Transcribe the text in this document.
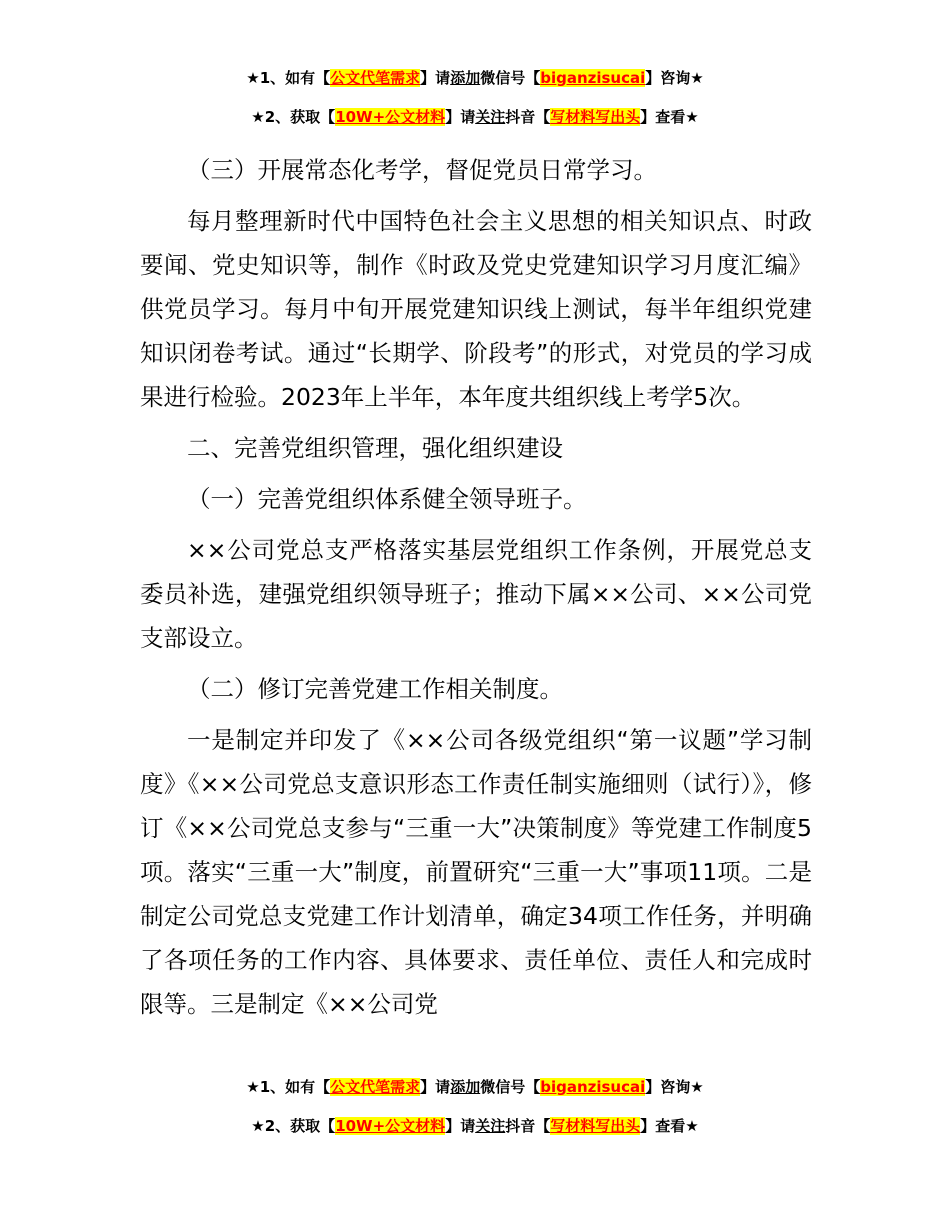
★1、如有【公文代笔需求】请添加微信号【biganzisucai】咨询★
★2、获取【10W+公文材料】请关注抖音【写材料写出头】查看★

（三）开展常态化考学，督促党员日常学习。

每月整理新时代中国特色社会主义思想的相关知识点、时政要闻、党史知识等，制作《时政及党史党建知识学习月度汇编》供党员学习。每月中旬开展党建知识线上测试，每半年组织党建知识闭卷考试。通过“长期学、阶段考”的形式，对党员的学习成果进行检验。2023年上半年，本年度共组织线上考学5次。

二、完善党组织管理，强化组织建设

（一）完善党组织体系健全领导班子。

××公司党总支严格落实基层党组织工作条例，开展党总支委员补选，建强党组织领导班子；推动下属××公司、××公司党支部设立。

（二）修订完善党建工作相关制度。

一是制定并印发了《××公司各级党组织“第一议题”学习制度》《××公司党总支意识形态工作责任制实施细则（试行）》，修订《××公司党总支参与“三重一大”决策制度》等党建工作制度5项。落实“三重一大”制度，前置研究“三重一大”事项11项。二是制定公司党总支党建工作计划清单，确定34项工作任务，并明确了各项任务的工作内容、具体要求、责任单位、责任人和完成时限等。三是制定《××公司党

★1、如有【公文代笔需求】请添加微信号【biganzisucai】咨询★
★2、获取【10W+公文材料】请关注抖音【写材料写出头】查看★
